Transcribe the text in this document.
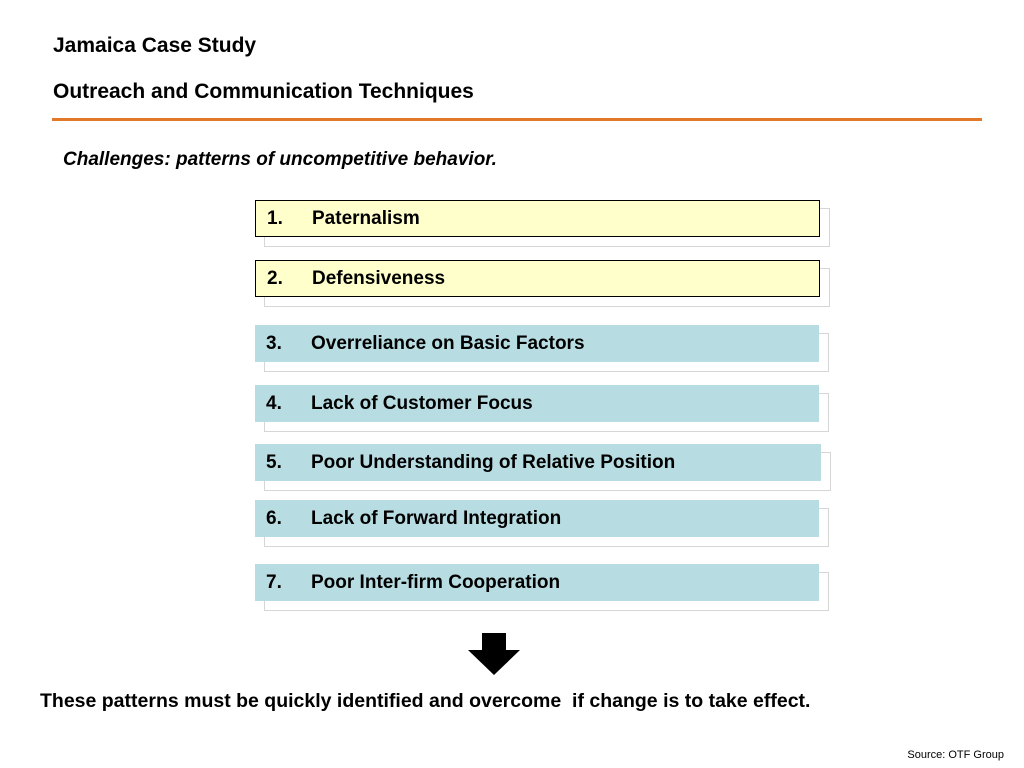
Jamaica Case Study
Outreach and Communication Techniques
Challenges: patterns of uncompetitive behavior.
1.	Paternalism
2.	Defensiveness
3.	Overreliance on Basic Factors
4.	Lack of Customer Focus
5.	Poor Understanding of Relative Position
6.	Lack of Forward Integration
7.	Poor Inter-firm Cooperation
These patterns must be quickly identified and overcome  if change is to take effect.
Source: OTF Group
